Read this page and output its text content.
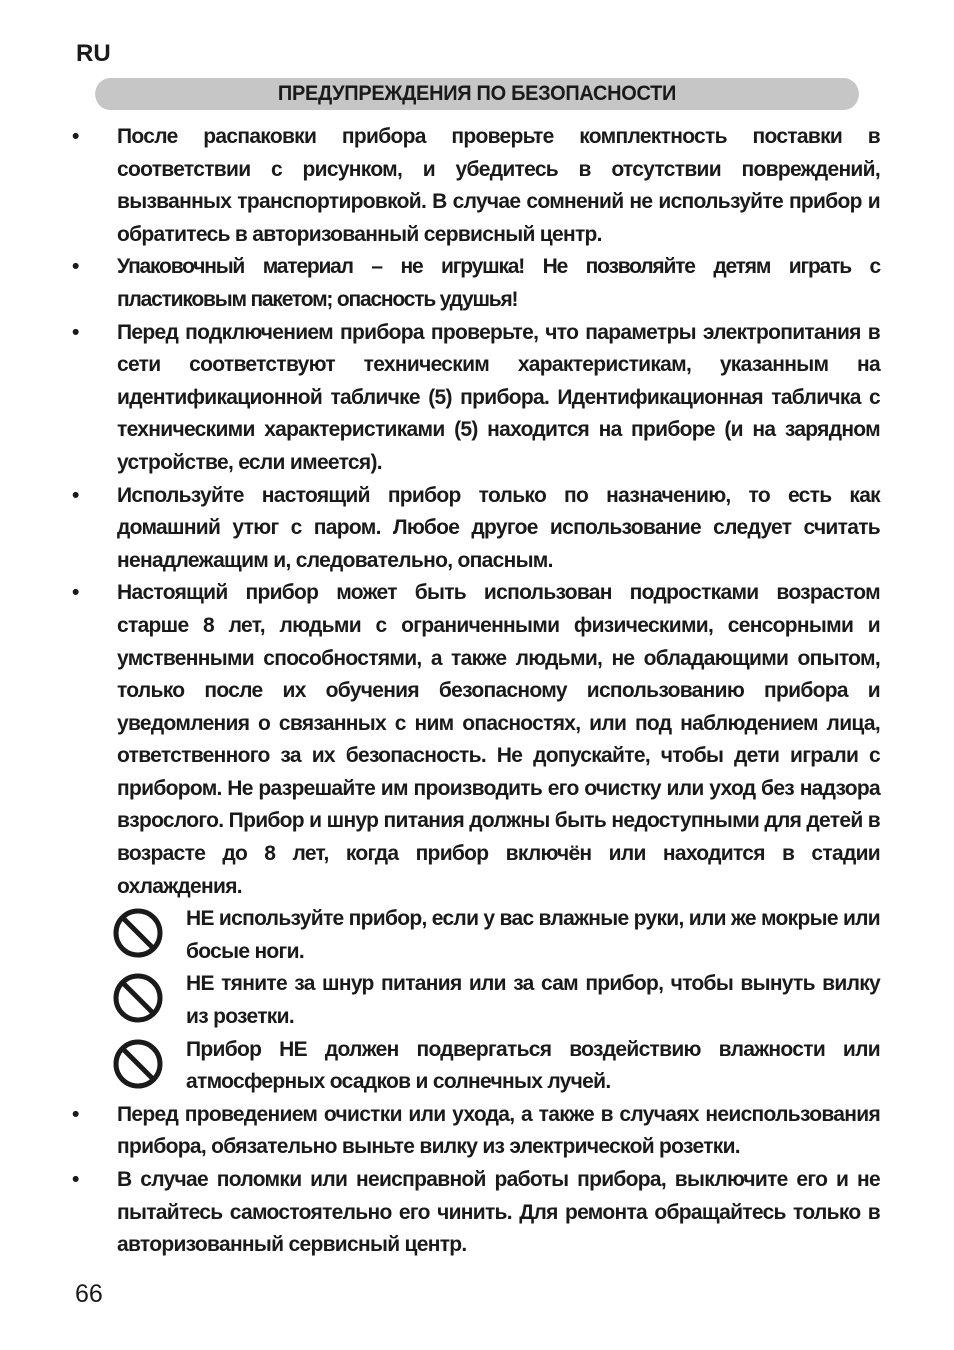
RU
ПРЕДУПРЕЖДЕНИЯ ПО БЕЗОПАСНОСТИ
•	После распаковки прибора проверьте комплектность поставки в соответствии с рисунком, и убедитесь в отсутствии повреждений, вызванных транспортировкой. В случае сомнений не используйте прибор и обратитесь в авторизованный сервисный центр.
•	Упаковочный материал – не игрушка! Не позволяйте детям играть с пластиковым пакетом; опасность удушья!
•	Перед подключением прибора проверьте, что параметры электропитания в сети соответствуют техническим характеристикам, указанным на идентификационной табличке (5) прибора. Идентификационная табличка с техническими характеристиками (5) находится на приборе (и на зарядном устройстве, если имеется).
•	Используйте настоящий прибор только по назначению, то есть как домашний утюг с паром. Любое другое использование следует считать ненадлежащим и, следовательно, опасным.
•	Настоящий прибор может быть использован подростками возрастом старше 8 лет, людьми с ограниченными физическими, сенсорными и умственными способностями, а также людьми, не обладающими опытом, только после их обучения безопасному использованию прибора и уведомления о связанных с ним опасностях, или под наблюдением лица, ответственного за их безопасность. Не допускайте, чтобы дети играли с прибором. Не разрешайте им производить его очистку или уход без надзора взрослого. Прибор и шнур питания должны быть недоступными для детей в возрасте до 8 лет, когда прибор включён или находится в стадии охлаждения.
НЕ используйте прибор, если у вас влажные руки, или же мокрые или босые ноги.
НЕ тяните за шнур питания или за сам прибор, чтобы вынуть вилку из розетки.
Прибор НЕ должен подвергаться воздействию влажности или атмосферных осадков и солнечных лучей.
•	Перед проведением очистки или ухода, а также в случаях неиспользования прибора, обязательно выньте вилку из электрической розетки.
•	В случае поломки или неисправной работы прибора, выключите его и не пытайтесь самостоятельно его чинить. Для ремонта обращайтесь только в авторизованный сервисный центр.
66
